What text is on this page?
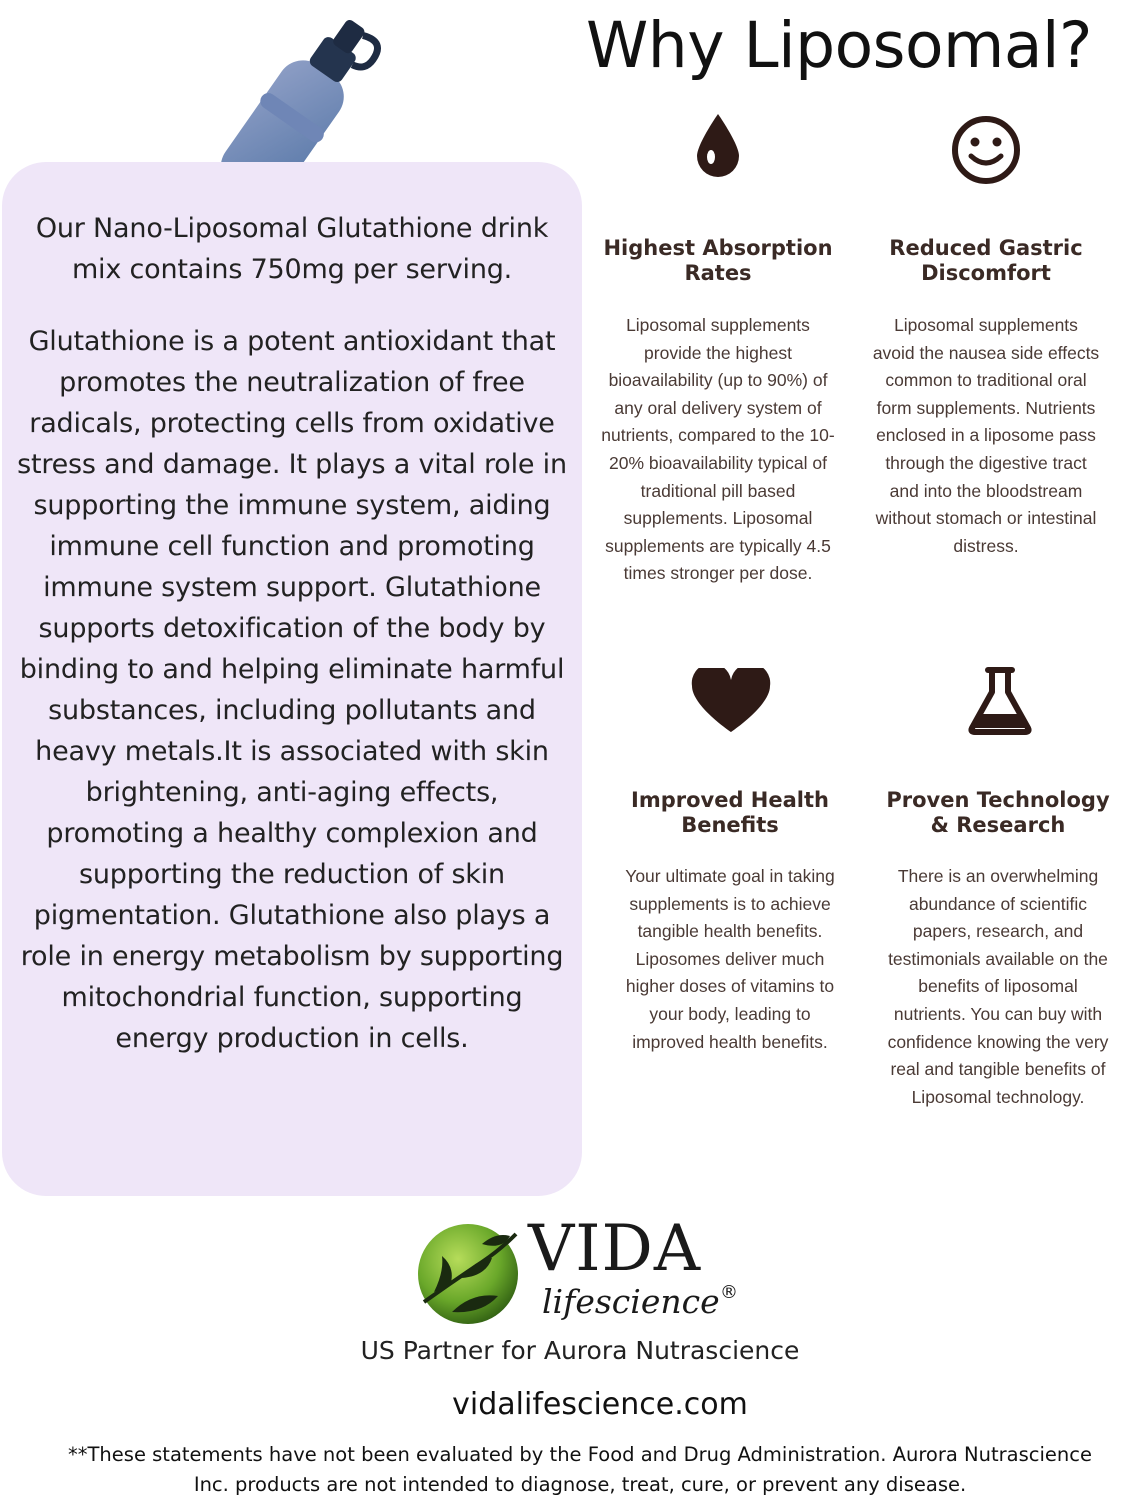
Our Nano-Liposomal Glutathione drink mix contains 750mg per serving.

Glutathione is a potent antioxidant that promotes the neutralization of free radicals, protecting cells from oxidative stress and damage. It plays a vital role in supporting the immune system, aiding immune cell function and promoting immune system support. Glutathione supports detoxification of the body by binding to and helping eliminate harmful substances, including pollutants and heavy metals.It is associated with skin brightening, anti-aging effects, promoting a healthy complexion and supporting the reduction of skin pigmentation. Glutathione also plays a role in energy metabolism by supporting mitochondrial function, supporting energy production in cells.

Why Liposomal?
Highest Absorption Rates
Reduced Gastric Discomfort
Improved Health Benefits
Proven Technology & Research
Liposomal supplements provide the highest bioavailability (up to 90%) of any oral delivery system of nutrients, compared to the 10-20% bioavailability typical of traditional pill based supplements. Liposomal supplements are typically 4.5 times stronger per dose.
Liposomal supplements avoid the nausea side effects common to traditional oral form supplements. Nutrients enclosed in a liposome pass through the digestive tract and into the bloodstream without stomach or intestinal distress.
Your ultimate goal in taking supplements is to achieve tangible health benefits. Liposomes deliver much higher doses of vitamins to your body, leading to improved health benefits.
There is an overwhelming abundance of scientific papers, research, and testimonials available on the benefits of liposomal nutrients. You can buy with confidence knowing the very real and tangible benefits of Liposomal technology.
VIDA
lifescience ®
US Partner for Aurora Nutrascience
vidalifescience.com
**These statements have not been evaluated by the Food and Drug Administration. Aurora Nutrascience Inc. products are not intended to diagnose, treat, cure, or prevent any disease.
